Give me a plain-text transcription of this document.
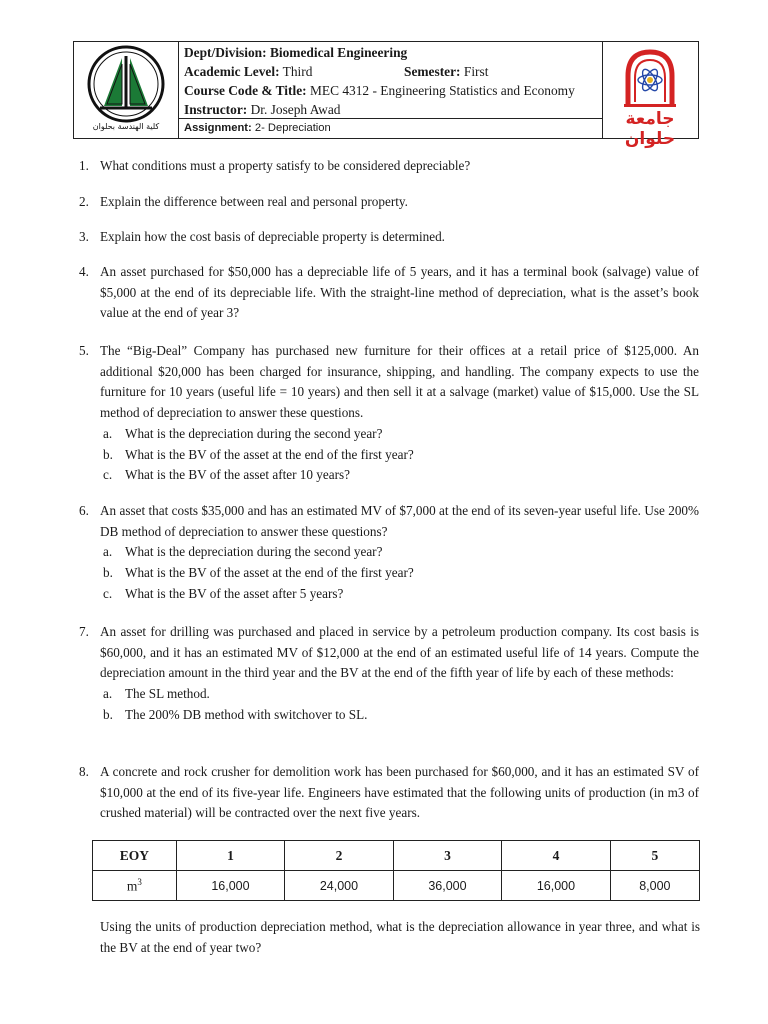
كلية الهندسة بحلوان
Dept/Division: Biomedical Engineering
Academic Level: Third	Semester: First
Course Code & Title: MEC 4312 - Engineering Statistics and Economy
Instructor: Dr. Joseph Awad
Assignment: 2- Depreciation	جامعة حلوان
1. What conditions must a property satisfy to be considered depreciable?
2. Explain the difference between real and personal property.
3. Explain how the cost basis of depreciable property is determined.
4. An asset purchased for $50,000 has a depreciable life of 5 years, and it has a terminal book (salvage) value of $5,000 at the end of its depreciable life. With the straight-line method of depreciation, what is the asset’s book value at the end of year 3?
5. The “Big-Deal” Company has purchased new furniture for their offices at a retail price of $125,000. An additional $20,000 has been charged for insurance, shipping, and handling. The company expects to use the furniture for 10 years (useful life = 10 years) and then sell it at a salvage (market) value of $15,000. Use the SL method of depreciation to answer these questions.
a. What is the depreciation during the second year?
b. What is the BV of the asset at the end of the first year?
c. What is the BV of the asset after 10 years?
6. An asset that costs $35,000 and has an estimated MV of $7,000 at the end of its seven-year useful life. Use 200% DB method of depreciation to answer these questions?
a. What is the depreciation during the second year?
b. What is the BV of the asset at the end of the first year?
c. What is the BV of the asset after 5 years?
7. An asset for drilling was purchased and placed in service by a petroleum production company. Its cost basis is $60,000, and it has an estimated MV of $12,000 at the end of an estimated useful life of 14 years. Compute the depreciation amount in the third year and the BV at the end of the fifth year of life by each of these methods:
a. The SL method.
b. The 200% DB method with switchover to SL.
8. A concrete and rock crusher for demolition work has been purchased for $60,000, and it has an estimated SV of $10,000 at the end of its five-year life. Engineers have estimated that the following units of production (in m3 of crushed material) will be contracted over the next five years.
EOY	1	2	3	4	5
$m^3$	16,000	24,000	36,000	16,000	8,000
Using the units of production depreciation method, what is the depreciation allowance in year three, and what is the BV at the end of year two?
